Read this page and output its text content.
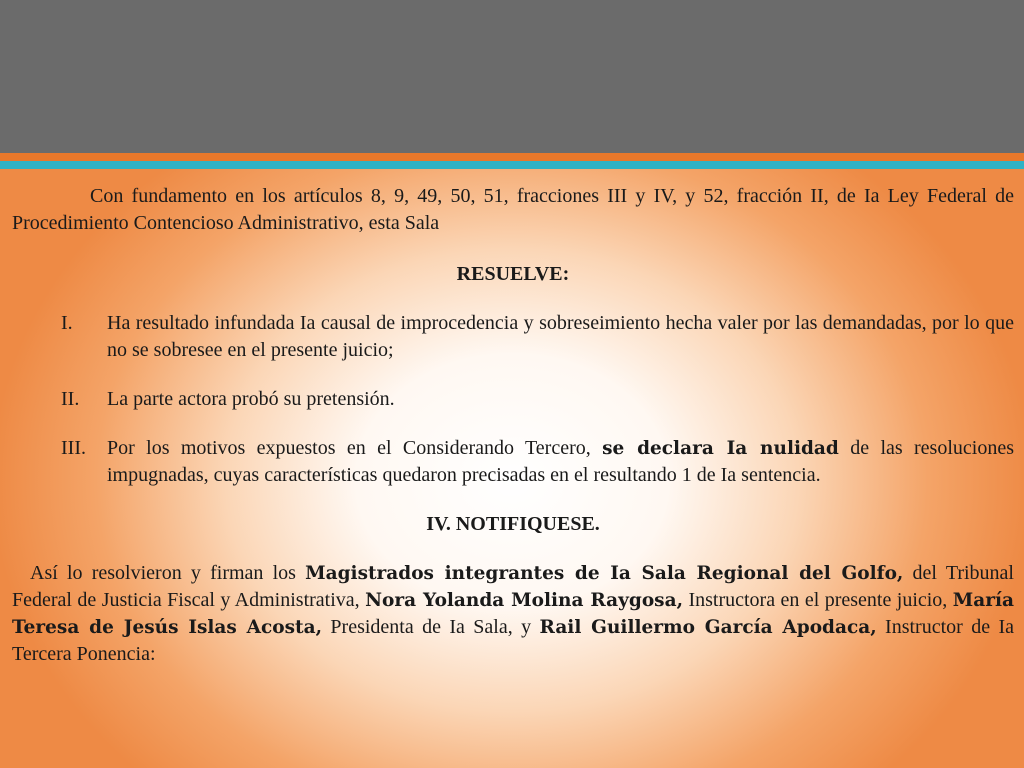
Con fundamento en los artículos 8, 9, 49, 50, 51, fracciones III y IV, y 52, fracción II, de Ia Ley Federal de Procedimiento Contencioso Administrativo, esta Sala

RESUELVE:

I.	Ha resultado infundada Ia causal de improcedencia y sobreseimiento hecha valer por las demandadas, por lo que no se sobresee en el presente juicio;
II.	La parte actora probó su pretensión.
III.	Por los motivos expuestos en el Considerando Tercero, se declara Ia nulidad de las resoluciones impugnadas, cuyas características quedaron precisadas en el resultando 1 de Ia sentencia.

IV. NOTIFIQUESE.

Así lo resolvieron y firman los Magistrados integrantes de Ia Sala Regional del Golfo, del Tribunal Federal de Justicia Fiscal y Administrativa, Nora Yolanda Molina Raygosa, Instructora en el presente juicio, María Teresa de Jesús Islas Acosta, Presidenta de Ia Sala, y Rail Guillermo García Apodaca, Instructor de Ia Tercera Ponencia:
